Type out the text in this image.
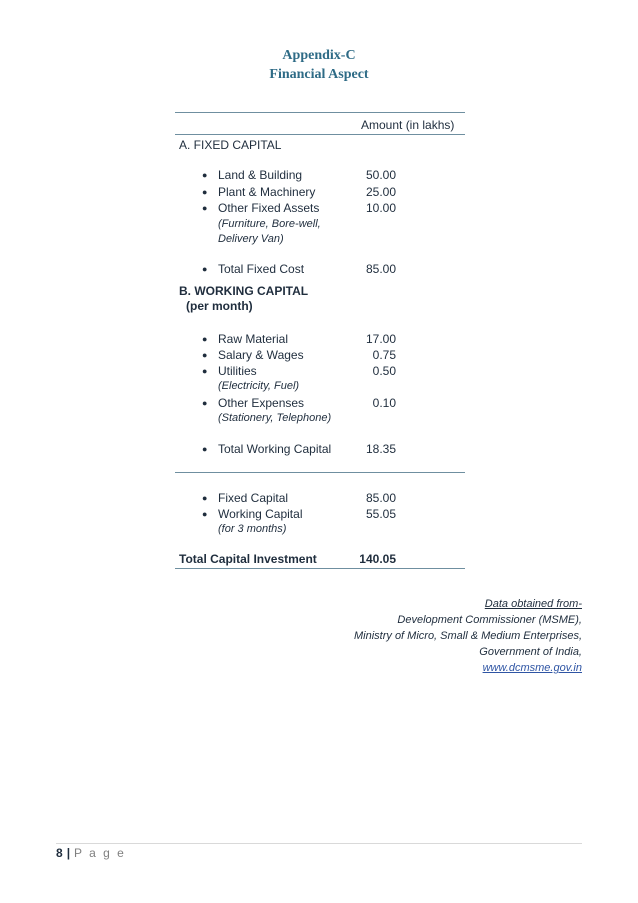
Appendix-C
Financial Aspect
Amount (in lakhs)
A. FIXED CAPITAL
● Land & Building	50.00
● Plant & Machinery	25.00
● Other Fixed Assets	10.00
(Furniture, Bore-well, Delivery Van)
● Total Fixed Cost	85.00
B. WORKING CAPITAL
(per month)
● Raw Material	17.00
● Salary & Wages	0.75
● Utilities	0.50
(Electricity, Fuel)
● Other Expenses	0.10
(Stationery, Telephone)
● Total Working Capital	18.35
● Fixed Capital	85.00
● Working Capital	55.05
(for 3 months)
Total Capital Investment	140.05
Data obtained from-
Development Commissioner (MSME),
Ministry of Micro, Small & Medium Enterprises,
Government of India,
www.dcmsme.gov.in
8 | P a g e
